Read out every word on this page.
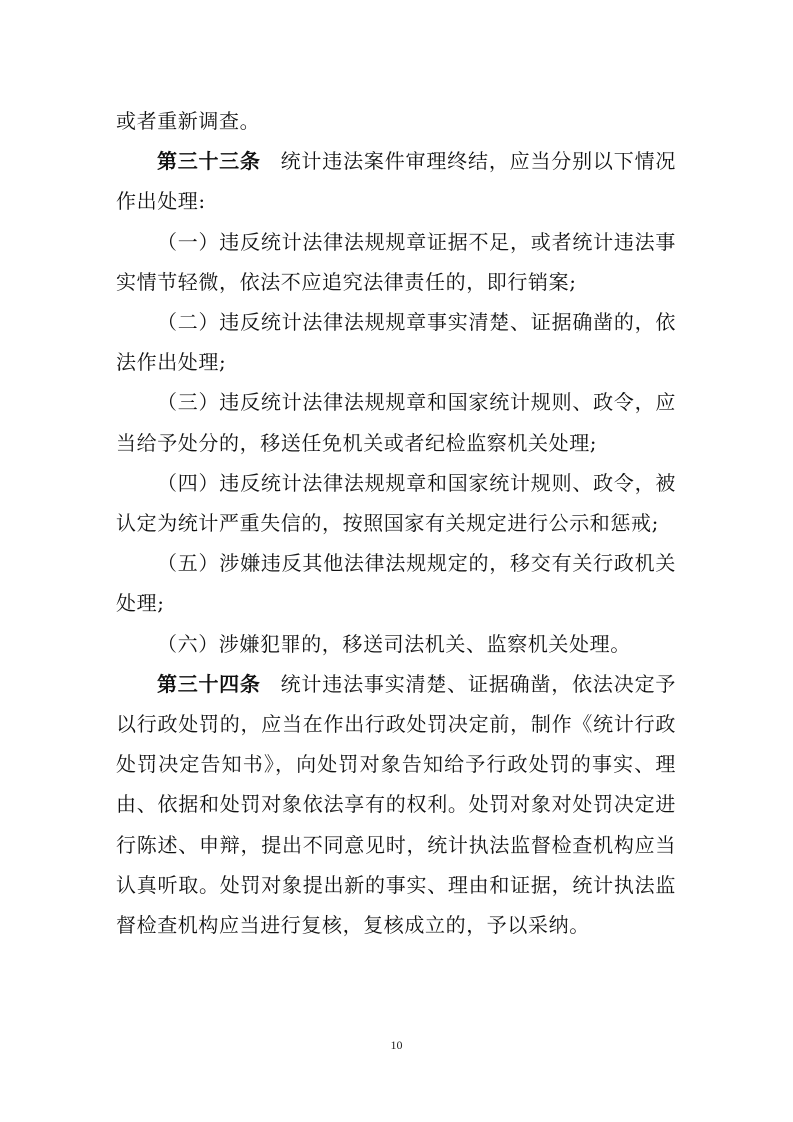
或者重新调查。

第三十三条 统计违法案件审理终结，应当分别以下情况作出处理:

（一）违反统计法律法规规章证据不足，或者统计违法事实情节轻微，依法不应追究法律责任的，即行销案;

（二）违反统计法律法规规章事实清楚、证据确凿的，依法作出处理;

（三）违反统计法律法规规章和国家统计规则、政令，应当给予处分的，移送任免机关或者纪检监察机关处理;

（四）违反统计法律法规规章和国家统计规则、政令，被认定为统计严重失信的，按照国家有关规定进行公示和惩戒;

（五）涉嫌违反其他法律法规规定的，移交有关行政机关处理;

（六）涉嫌犯罪的，移送司法机关、监察机关处理。

第三十四条 统计违法事实清楚、证据确凿，依法决定予以行政处罚的，应当在作出行政处罚决定前，制作《统计行政处罚决定告知书》，向处罚对象告知给予行政处罚的事实、理由、依据和处罚对象依法享有的权利。处罚对象对处罚决定进行陈述、申辩，提出不同意见时，统计执法监督检查机构应当认真听取。处罚对象提出新的事实、理由和证据，统计执法监督检查机构应当进行复核，复核成立的，予以采纳。

10
